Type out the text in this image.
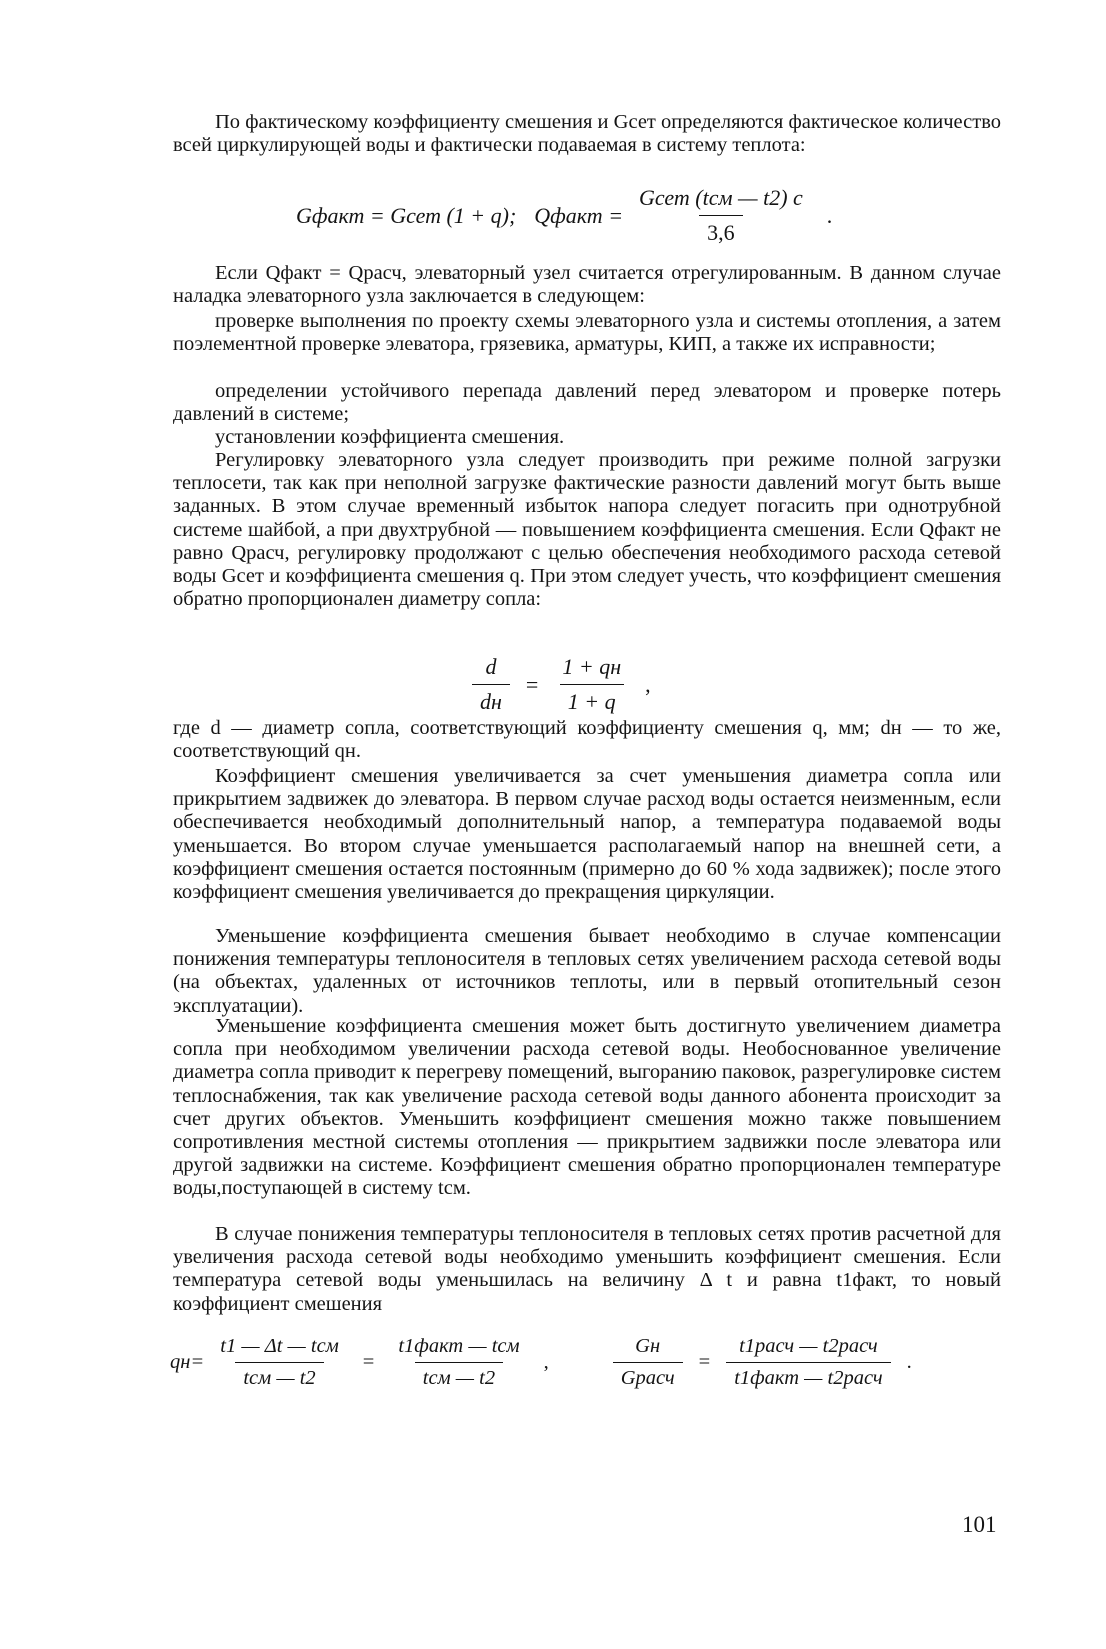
По фактическому коэффициенту смешения и Gсет определяются фактическое количество всей циркулирующей воды и фактически подаваемая в систему теплота:
Gфакт = Gсет (1 + q); Qфакт = $\frac{\text{Gсет (tсм — t2) c}}{3,6}$ .
Если Qфакт = Qрасч, элеваторный узел считается отрегулированным. В данном случае наладка элеваторного узла заключается в следующем:
проверке выполнения по проекту схемы элеваторного узла и системы отопления, а затем поэлементной проверке элеватора, грязевика, арматуры, КИП, а также их исправности;
определении устойчивого перепада давлений перед элеватором и проверке потерь давлений в системе;
установлении коэффициента смешения.
Регулировку элеваторного узла следует производить при режиме полной загрузки теплосети, так как при неполной загрузке фактические разности давлений могут быть выше заданных. В этом случае временный избыток напора следует погасить при однотрубной системе шайбой, а при двухтрубной — повышением коэффициента смешения. Если Qфакт не равно Qрасч, регулировку продолжают с целью обеспечения необходимого расхода сетевой воды Gсет и коэффициента смешения q. При этом следует учесть, что коэффициент смешения обратно пропорционален диаметру сопла:
$\frac{d}{dн} = \frac{1 + qн}{1 + q}$ ,
где d — диаметр сопла, соответствующий коэффициенту смешения q, мм; dн — то же, соответствующий qн.
Коэффициент смешения увеличивается за счет уменьшения диаметра сопла или прикрытием задвижек до элеватора. В первом случае расход воды остается неизменным, если обеспечивается необходимый дополнительный напор, а температура подаваемой воды уменьшается. Во втором случае уменьшается располагаемый напор на внешней сети, а коэффициент смешения остается постоянным (примерно до 60 % хода задвижек); после этого коэффициент смешения увеличивается до прекращения циркуляции.
Уменьшение коэффициента смешения бывает необходимо в случае компенсации понижения температуры теплоносителя в тепловых сетях увеличением расхода сетевой воды (на объектах, удаленных от источников теплоты, или в первый отопительный сезон эксплуатации).
Уменьшение коэффициента смешения может быть достигнуто увеличением диаметра сопла при необходимом увеличении расхода сетевой воды. Необоснованное увеличение диаметра сопла приводит к перегреву помещений, выгоранию паковок, разрегулировке систем теплоснабжения, так как увеличение расхода сетевой воды данного абонента происходит за счет других объектов. Уменьшить коэффициент смешения можно также повышением сопротивления местной системы отопления — прикрытием задвижки после элеватора или другой задвижки на системе. Коэффициент смешения обратно пропорционален температуре воды,поступающей в систему tсм.
В случае понижения температуры теплоносителя в тепловых сетях против расчетной для увеличения расхода сетевой воды необходимо уменьшить коэффициент смешения. Если температура сетевой воды уменьшилась на величину Δ t и равна t1факт, то новый коэффициент смешения
$qн= \frac{\text{t1 — Δt — tсм}}{\text{tсм — t2}} = \frac{\text{t1факт — tсм}}{\text{tсм — t2}}$ ,	$\frac{Gн}{\text{Gрасч}} = \frac{\text{t1расч — t2расч}}{\text{t1факт — t2расч}}$ .
101
